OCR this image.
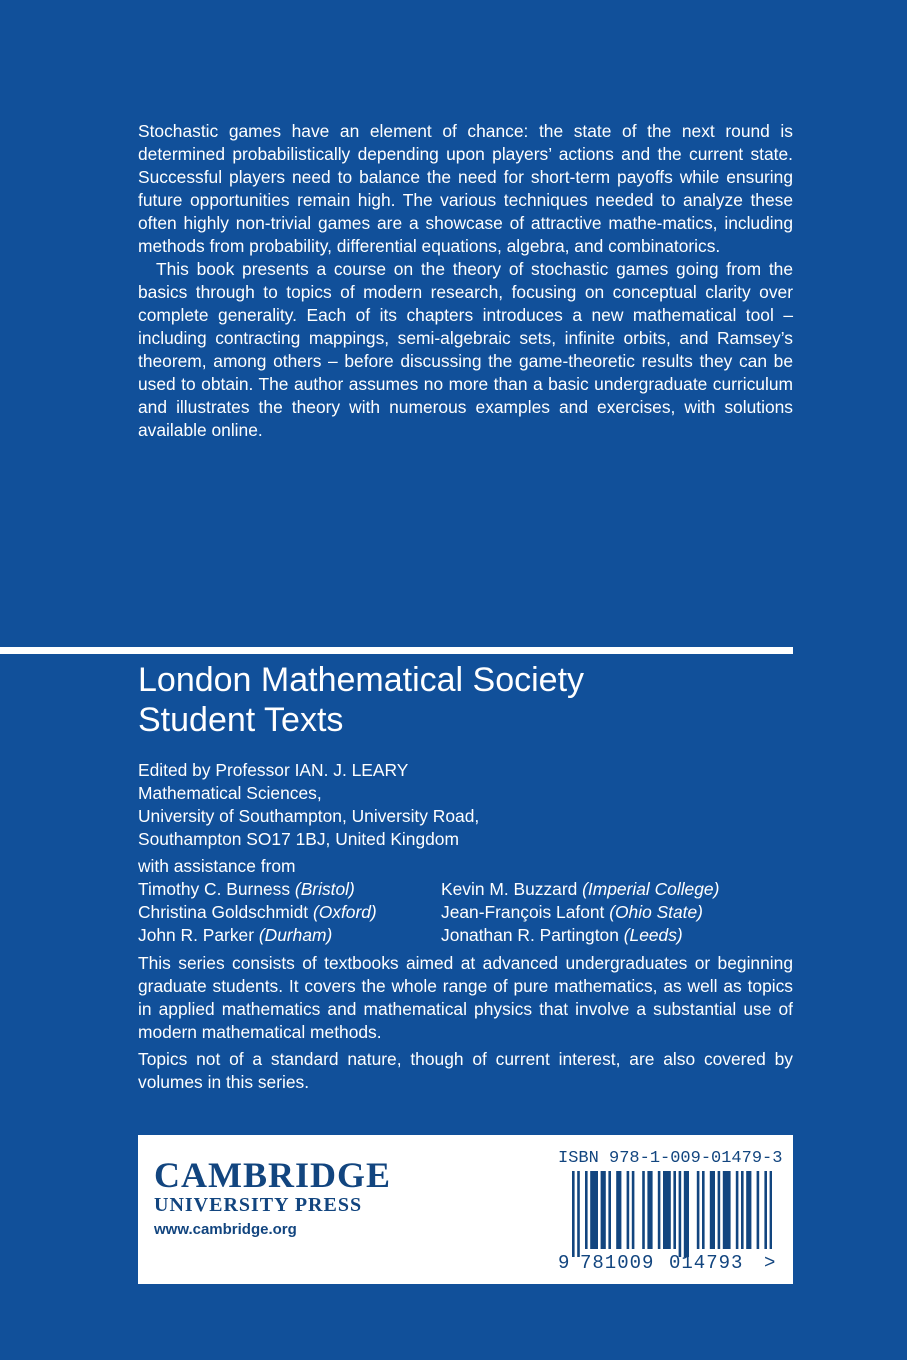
Stochastic games have an element of chance: the state of the next round is determined probabilistically depending upon players’ actions and the current state. Successful players need to balance the need for short-term payoffs while ensuring future opportunities remain high. The various techniques needed to analyze these often highly non-trivial games are a showcase of attractive mathe-matics, including methods from probability, differential equations, algebra, and combinatorics.

This book presents a course on the theory of stochastic games going from the basics through to topics of modern research, focusing on conceptual clarity over complete generality. Each of its chapters introduces a new mathematical tool – including contracting mappings, semi-algebraic sets, infinite orbits, and Ramsey’s theorem, among others – before discussing the game-theoretic results they can be used to obtain. The author assumes no more than a basic undergraduate curriculum and illustrates the theory with numerous examples and exercises, with solutions available online.

London Mathematical Society
Student Texts
Edited by Professor IAN. J. LEARY
Mathematical Sciences,
University of Southampton, University Road,
Southampton SO17 1BJ, United Kingdom
with assistance from
Timothy C. Burness (Bristol)
Christina Goldschmidt (Oxford)
John R. Parker (Durham)
Kevin M. Buzzard (Imperial College)
Jean-François Lafont (Ohio State)
Jonathan R. Partington (Leeds)

This series consists of textbooks aimed at advanced undergraduates or beginning graduate students. It covers the whole range of pure mathematics, as well as topics in applied mathematics and mathematical physics that involve a substantial use of modern mathematical methods.

Topics not of a standard nature, though of current interest, are also covered by volumes in this series.

CAMBRIDGE
UNIVERSITY PRESS
www.cambridge.org
ISBN 978-1-009-01479-3
9 781009 014793 >
